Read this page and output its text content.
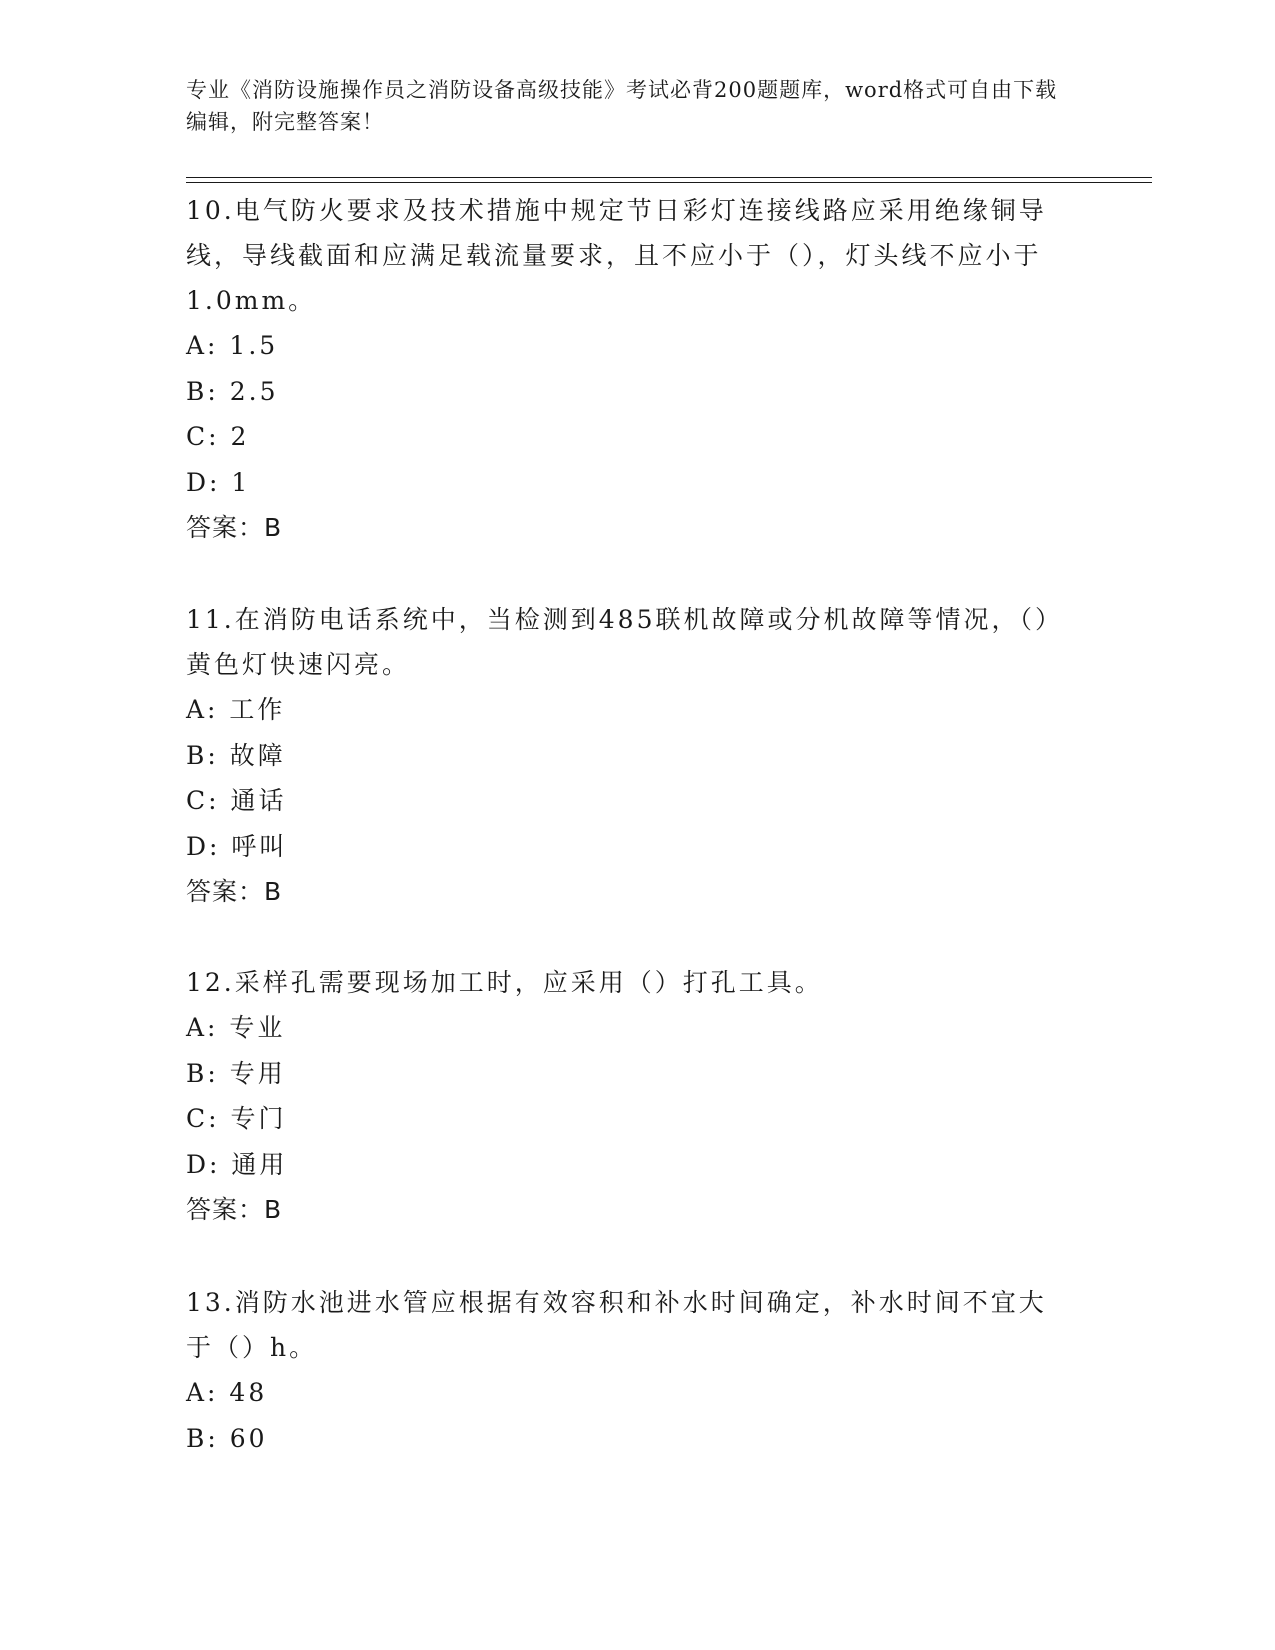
专业《消防设施操作员之消防设备高级技能》考试必背200题题库，word格式可自由下载编辑，附完整答案！
10.电气防火要求及技术措施中规定节日彩灯连接线路应采用绝缘铜导线，导线截面和应满足载流量要求，且不应小于（），灯头线不应小于1.0mm。
A: 1.5
B: 2.5
C: 2
D: 1
答案：B
11.在消防电话系统中，当检测到485联机故障或分机故障等情况，（）黄色灯快速闪亮。
A: 工作
B: 故障
C: 通话
D: 呼叫
答案：B
12.采样孔需要现场加工时，应采用（）打孔工具。
A: 专业
B: 专用
C: 专门
D: 通用
答案：B
13.消防水池进水管应根据有效容积和补水时间确定，补水时间不宜大于（）h。
A: 48
B: 60
